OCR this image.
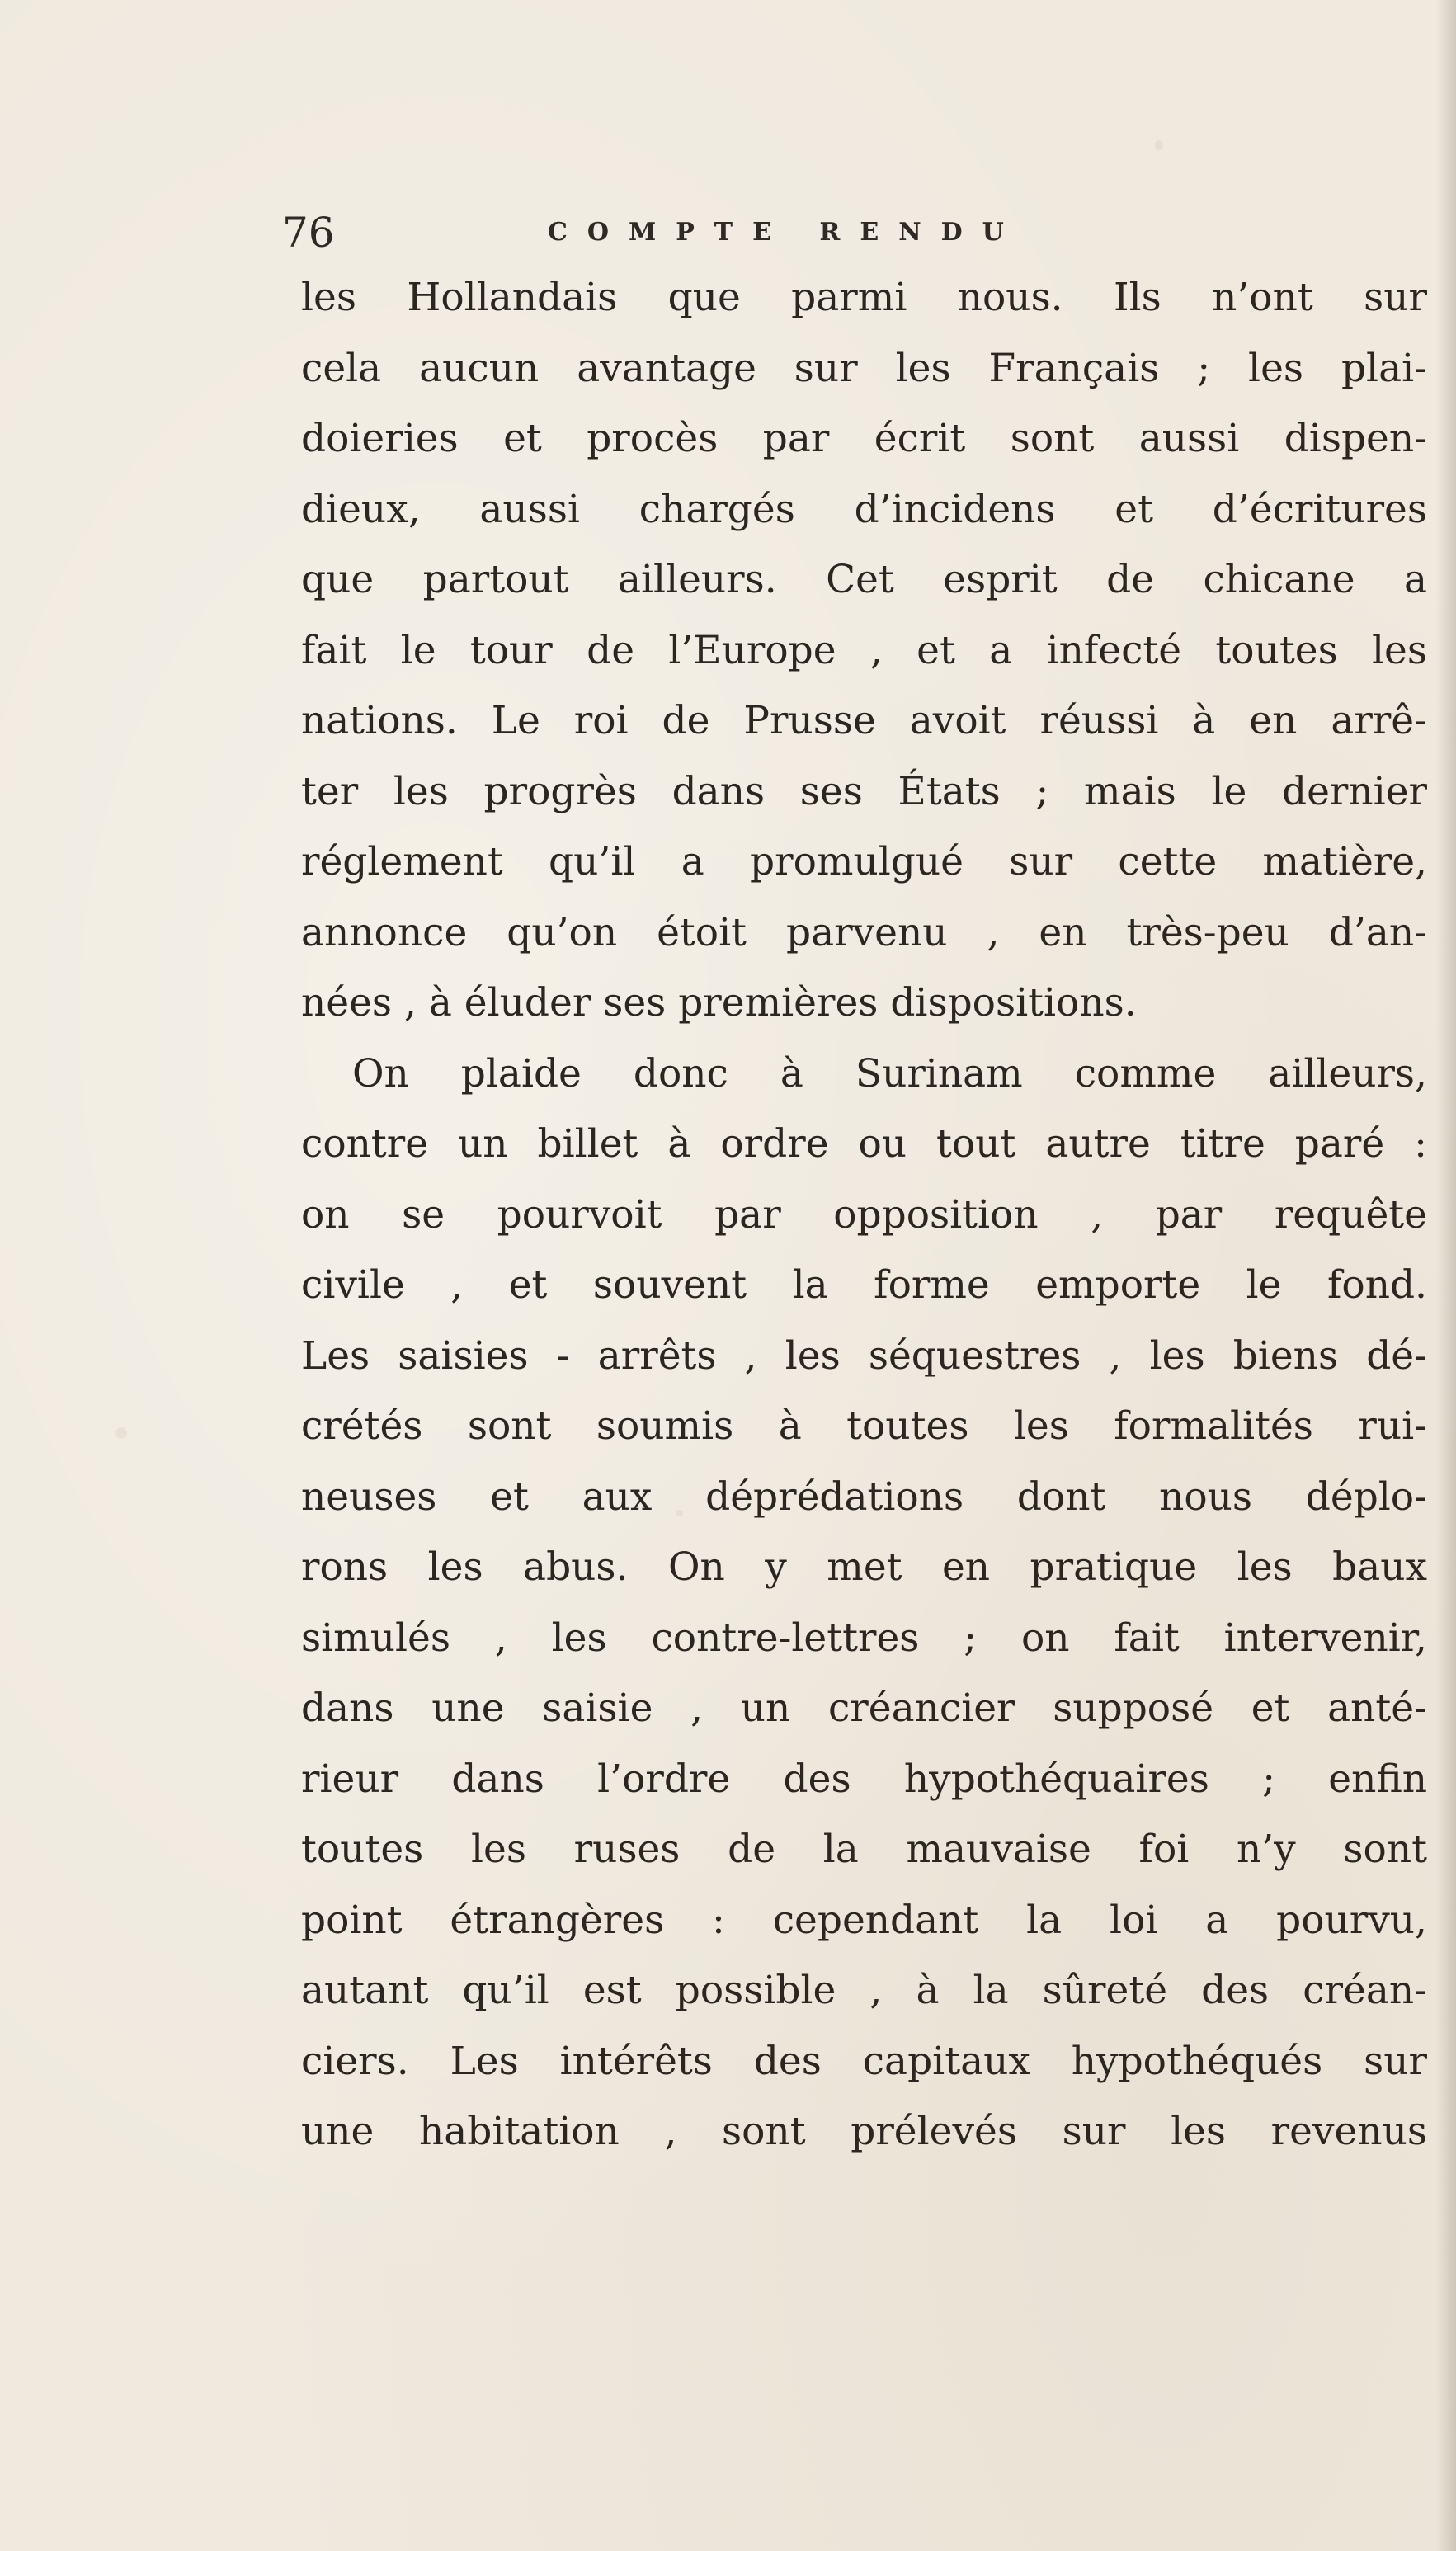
76	COMPTE RENDU
les Hollandais que parmi nous. Ils n’ont sur
cela aucun avantage sur les Français ; les plai-
doieries et procès par écrit sont aussi dispen-
dieux, aussi chargés d’incidens et d’écritures
que partout ailleurs. Cet esprit de chicane a
fait le tour de l’Europe , et a infecté toutes les
nations. Le roi de Prusse avoit réussi à en arrê-
ter les progrès dans ses États ; mais le dernier
réglement qu’il a promulgué sur cette matière,
annonce qu’on étoit parvenu , en très-peu d’an-
nées , à éluder ses premières dispositions.
On plaide donc à Surinam comme ailleurs,
contre un billet à ordre ou tout autre titre paré :
on se pourvoit par opposition , par requête
civile , et souvent la forme emporte le fond.
Les saisies - arrêts , les séquestres , les biens dé-
crétés sont soumis à toutes les formalités rui-
neuses et aux déprédations dont nous déplo-
rons les abus. On y met en pratique les baux
simulés , les contre-lettres ; on fait intervenir,
dans une saisie , un créancier supposé et anté-
rieur dans l’ordre des hypothéquaires ; enfin
toutes les ruses de la mauvaise foi n’y sont
point étrangères : cependant la loi a pourvu,
autant qu’il est possible , à la sûreté des créan-
ciers. Les intérêts des capitaux hypothéqués sur
une habitation , sont prélevés sur les revenus
